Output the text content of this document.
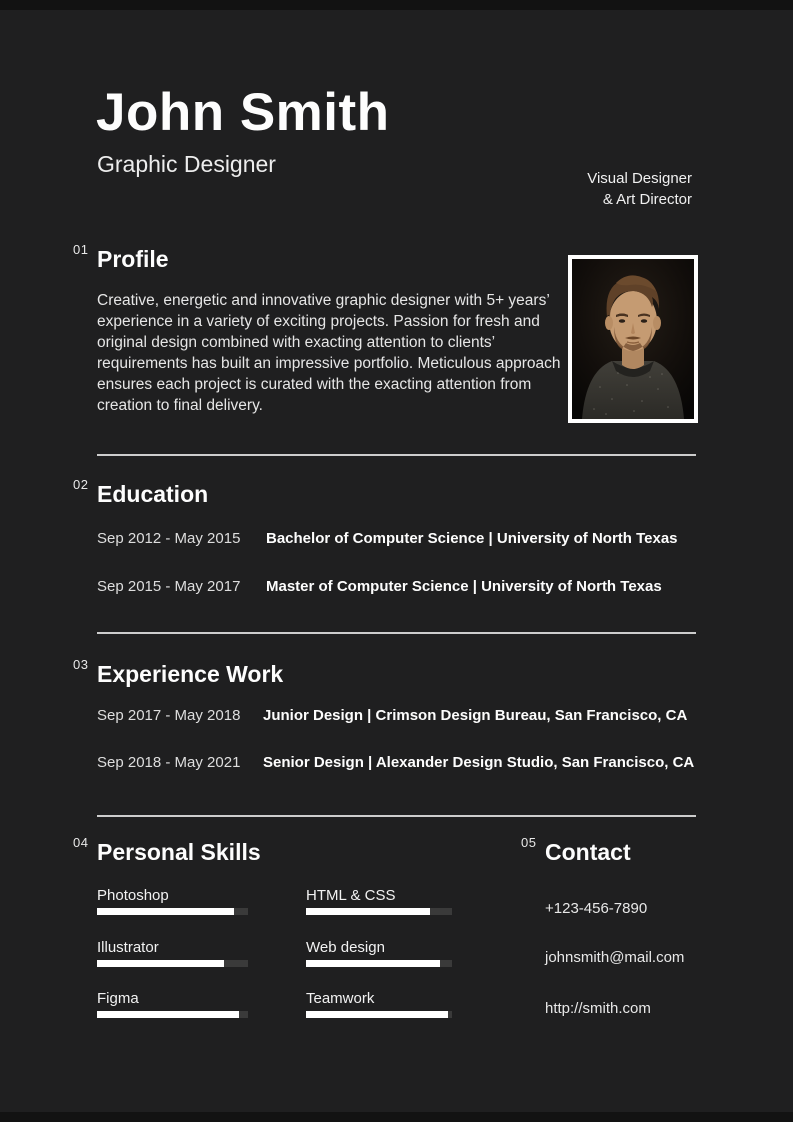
John Smith
Graphic Designer
Visual Designer
& Art Director
01 Profile
Creative, energetic and innovative graphic designer with 5+ years’ experience in a variety of exciting projects. Passion for fresh and original design combined with exacting attention to clients’ requirements has built an impressive portfolio. Meticulous approach ensures each project is curated with the exacting attention from creation to final delivery.
02 Education
Sep 2012 - May 2015 Bachelor of Computer Science | University of North Texas
Sep 2015 - May 2017 Master of Computer Science | University of North Texas
03 Experience Work
Sep 2017 - May 2018 Junior Design | Crimson Design Bureau, San Francisco, CA
Sep 2018 - May 2021 Senior Design | Alexander Design Studio, San Francisco, CA
04 Personal Skills
Photoshop	HTML & CSS
Illustrator	Web design
Figma	Teamwork
05 Contact
+123-456-7890
johnsmith@mail.com
http://smith.com
